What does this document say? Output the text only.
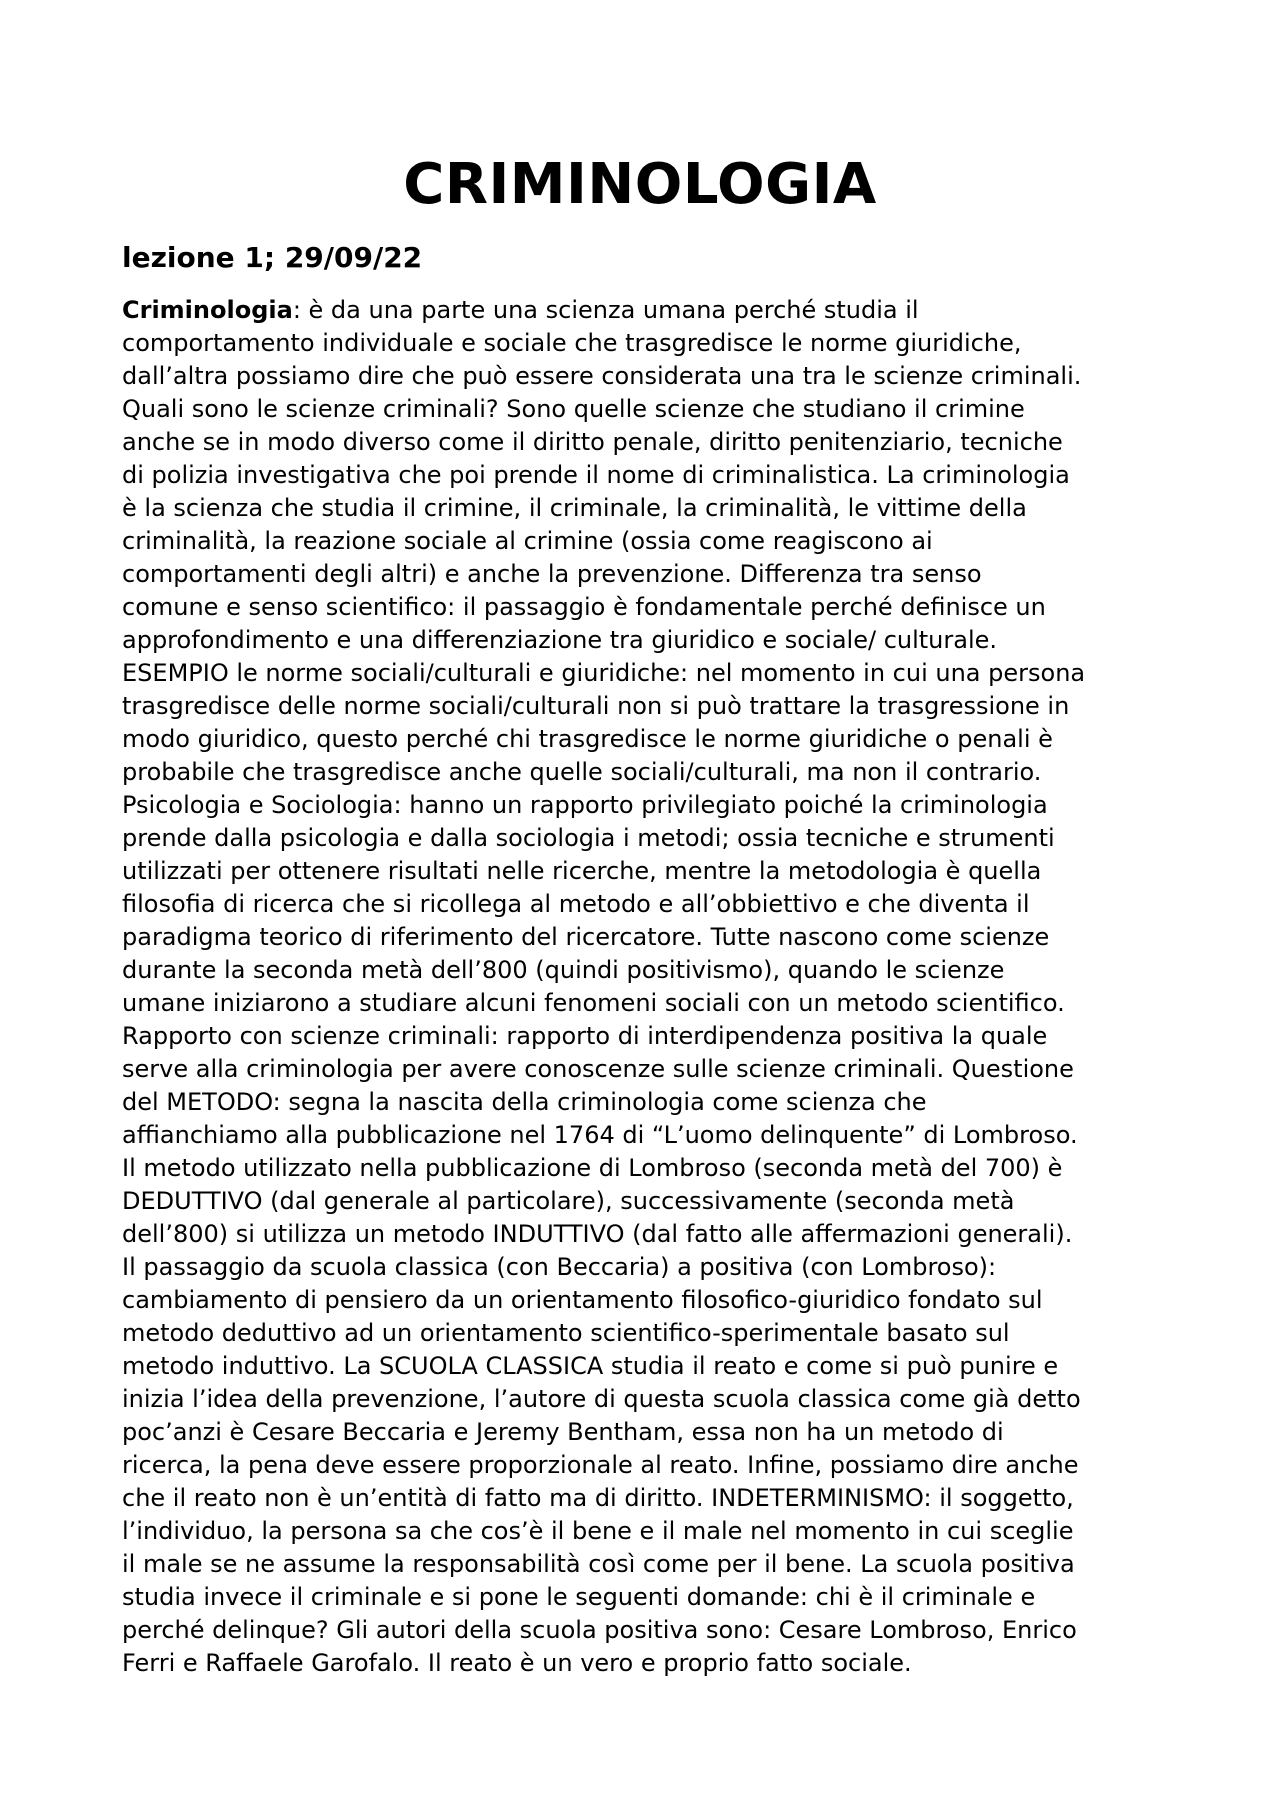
CRIMINOLOGIA
lezione 1; 29/09/22
Criminologia: è da una parte una scienza umana perché studia il
comportamento individuale e sociale che trasgredisce le norme giuridiche,
dall’altra possiamo dire che può essere considerata una tra le scienze criminali.
Quali sono le scienze criminali? Sono quelle scienze che studiano il crimine
anche se in modo diverso come il diritto penale, diritto penitenziario, tecniche
di polizia investigativa che poi prende il nome di criminalistica. La criminologia
è la scienza che studia il crimine, il criminale, la criminalità, le vittime della
criminalità, la reazione sociale al crimine (ossia come reagiscono ai
comportamenti degli altri) e anche la prevenzione. Differenza tra senso
comune e senso scientifico: il passaggio è fondamentale perché definisce un
approfondimento e una differenziazione tra giuridico e sociale/ culturale.
ESEMPIO le norme sociali/culturali e giuridiche: nel momento in cui una persona
trasgredisce delle norme sociali/culturali non si può trattare la trasgressione in
modo giuridico, questo perché chi trasgredisce le norme giuridiche o penali è
probabile che trasgredisce anche quelle sociali/culturali, ma non il contrario.
Psicologia e Sociologia: hanno un rapporto privilegiato poiché la criminologia
prende dalla psicologia e dalla sociologia i metodi; ossia tecniche e strumenti
utilizzati per ottenere risultati nelle ricerche, mentre la metodologia è quella
filosofia di ricerca che si ricollega al metodo e all’obbiettivo e che diventa il
paradigma teorico di riferimento del ricercatore. Tutte nascono come scienze
durante la seconda metà dell’800 (quindi positivismo), quando le scienze
umane iniziarono a studiare alcuni fenomeni sociali con un metodo scientifico.
Rapporto con scienze criminali: rapporto di interdipendenza positiva la quale
serve alla criminologia per avere conoscenze sulle scienze criminali. Questione
del METODO: segna la nascita della criminologia come scienza che
affianchiamo alla pubblicazione nel 1764 di “L’uomo delinquente” di Lombroso.
Il metodo utilizzato nella pubblicazione di Lombroso (seconda metà del 700) è
DEDUTTIVO (dal generale al particolare), successivamente (seconda metà
dell’800) si utilizza un metodo INDUTTIVO (dal fatto alle affermazioni generali).
Il passaggio da scuola classica (con Beccaria) a positiva (con Lombroso):
cambiamento di pensiero da un orientamento filosofico-giuridico fondato sul
metodo deduttivo ad un orientamento scientifico-sperimentale basato sul
metodo induttivo. La SCUOLA CLASSICA studia il reato e come si può punire e
inizia l’idea della prevenzione, l’autore di questa scuola classica come già detto
poc’anzi è Cesare Beccaria e Jeremy Bentham, essa non ha un metodo di
ricerca, la pena deve essere proporzionale al reato. Infine, possiamo dire anche
che il reato non è un’entità di fatto ma di diritto. INDETERMINISMO: il soggetto,
l’individuo, la persona sa che cos’è il bene e il male nel momento in cui sceglie
il male se ne assume la responsabilità così come per il bene. La scuola positiva
studia invece il criminale e si pone le seguenti domande: chi è il criminale e
perché delinque? Gli autori della scuola positiva sono: Cesare Lombroso, Enrico
Ferri e Raffaele Garofalo. Il reato è un vero e proprio fatto sociale.
